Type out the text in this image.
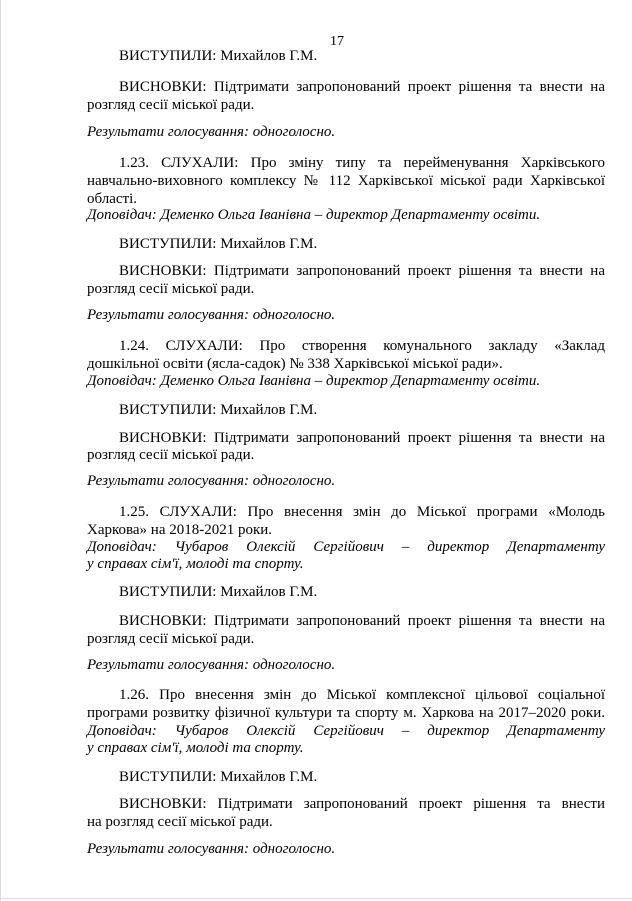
17
ВИСТУПИЛИ: Михайлов Г.М.
ВИСНОВКИ: Підтримати запропонований проект рішення та внести на
розгляд сесії міської ради.
Результати голосування: одноголосно.
1.23. СЛУХАЛИ: Про зміну типу та перейменування Харківського
навчально-виховного комплексу № 112 Харківської міської ради Харківської
області.
Доповідач: Деменко Ольга Іванівна – директор Департаменту освіти.
ВИСТУПИЛИ: Михайлов Г.М.
ВИСНОВКИ: Підтримати запропонований проект рішення та внести на
розгляд сесії міської ради.
Результати голосування: одноголосно.
1.24. СЛУХАЛИ: Про створення комунального закладу «Заклад
дошкільної освіти (ясла-садок) № 338 Харківської міської ради».
Доповідач: Деменко Ольга Іванівна – директор Департаменту освіти.
ВИСТУПИЛИ: Михайлов Г.М.
ВИСНОВКИ: Підтримати запропонований проект рішення та внести на
розгляд сесії міської ради.
Результати голосування: одноголосно.
1.25. СЛУХАЛИ: Про внесення змін до Міської програми «Молодь
Харкова» на 2018-2021 роки.
Доповідач: Чубаров Олексій Сергійович – директор Департаменту
у справах сім'ї, молоді та спорту.
ВИСТУПИЛИ: Михайлов Г.М.
ВИСНОВКИ: Підтримати запропонований проект рішення та внести на
розгляд сесії міської ради.
Результати голосування: одноголосно.
1.26. Про внесення змін до Міської комплексної цільової соціальної
програми розвитку фізичної культури та спорту м. Харкова на 2017–2020 роки.
Доповідач: Чубаров Олексій Сергійович – директор Департаменту
у справах сім'ї, молоді та спорту.
ВИСТУПИЛИ: Михайлов Г.М.
ВИСНОВКИ: Підтримати запропонований проект рішення та внести
на розгляд сесії міської ради.
Результати голосування: одноголосно.
